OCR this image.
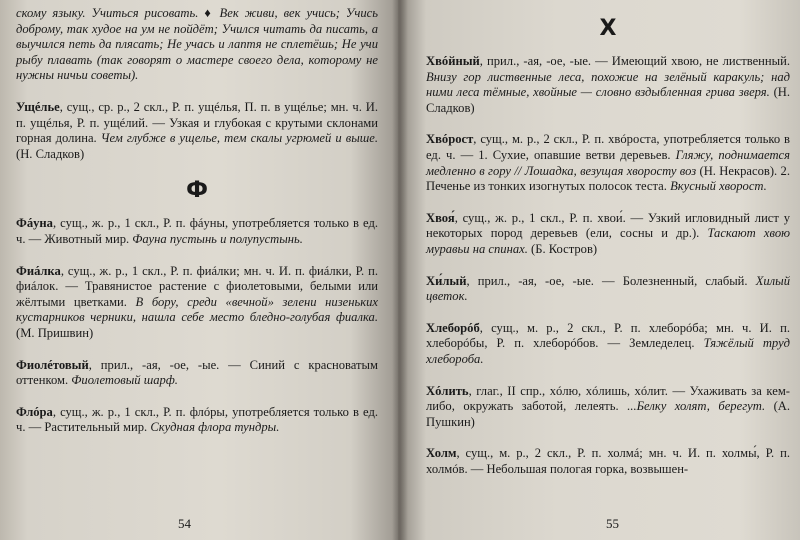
скому языку. Учиться рисовать. ♦ Век живи, век учись; Учись доброму, так худое на ум не пойдёт; Учился читать да писать, а выучился петь да плясать; Не учась и лаптя не сплетёшь; Не учи рыбу плавать (так говорят о мастере своего дела, которому не нужны ничьи советы).

Ущéлье, сущ., ср. р., 2 скл., Р. п. ущéлья, П. п. в ущéлье; мн. ч. И. п. ущéлья, Р. п. ущéлий. — Узкая и глубокая с крутыми склонами горная долина. Чем глубже в ущелье, тем скалы угрюмей и выше. (Н. Сладков)

Ф

Фáуна, сущ., ж. р., 1 скл., Р. п. фáуны, употребляется только в ед. ч. — Животный мир. Фауна пустынь и полупустынь.

Фиáлка, сущ., ж. р., 1 скл., Р. п. фиáлки; мн. ч. И. п. фиáлки, Р. п. фиáлок. — Травянистое растение с фиолетовыми, белыми или жёлтыми цветками. В бору, среди «вечной» зелени низеньких кустарников черники, нашла себе место бледно-голубая фиалка. (М. Пришвин)

Фиолéтовый, прил., -ая, -ое, -ые. — Синий с красноватым оттенком. Фиолетовый шарф.

Флóра, сущ., ж. р., 1 скл., Р. п. флóры, употребляется только в ед. ч. — Растительный мир. Скудная флора тундры.

54
Х

Хвóйный, прил., -ая, -ое, -ые. — Имеющий хвою, не лиственный. Внизу гор лиственные леса, похожие на зелёный каракуль; над ними леса тёмные, хвойные — словно вздыбленная грива зверя. (Н. Сладков)

Хвóрост, сущ., м. р., 2 скл., Р. п. хвóроста, употребляется только в ед. ч. — 1. Сухие, опавшие ветви деревьев. Гляжу, поднимается медленно в гору // Лошадка, везущая хворосту воз (Н. Некрасов). 2. Печенье из тонких изогнутых полосок теста. Вкусный хворост.

Хвоя́, сущ., ж. р., 1 скл., Р. п. хвои́. — Узкий игловидный лист у некоторых пород деревьев (ели, сосны и др.). Таскают хвою муравьи на спинах. (Б. Костров)

Хи́лый, прил., -ая, -ое, -ые. — Болезненный, слабый. Хилый цветок.

Хлеборóб, сущ., м. р., 2 скл., Р. п. хлеборóба; мн. ч. И. п. хлеборóбы, Р. п. хлеборóбов. — Земледелец. Тяжёлый труд хлебороба.

Хóлить, глаг., II спр., хóлю, хóлишь, хóлит. — Ухаживать за кем-либо, окружать заботой, лелеять. ...Белку холят, берегут. (А. Пушкин)

Холм, сущ., м. р., 2 скл., Р. п. холмá; мн. ч. И. п. холмы́, Р. п. холмóв. — Небольшая пологая горка, возвышен-

55
